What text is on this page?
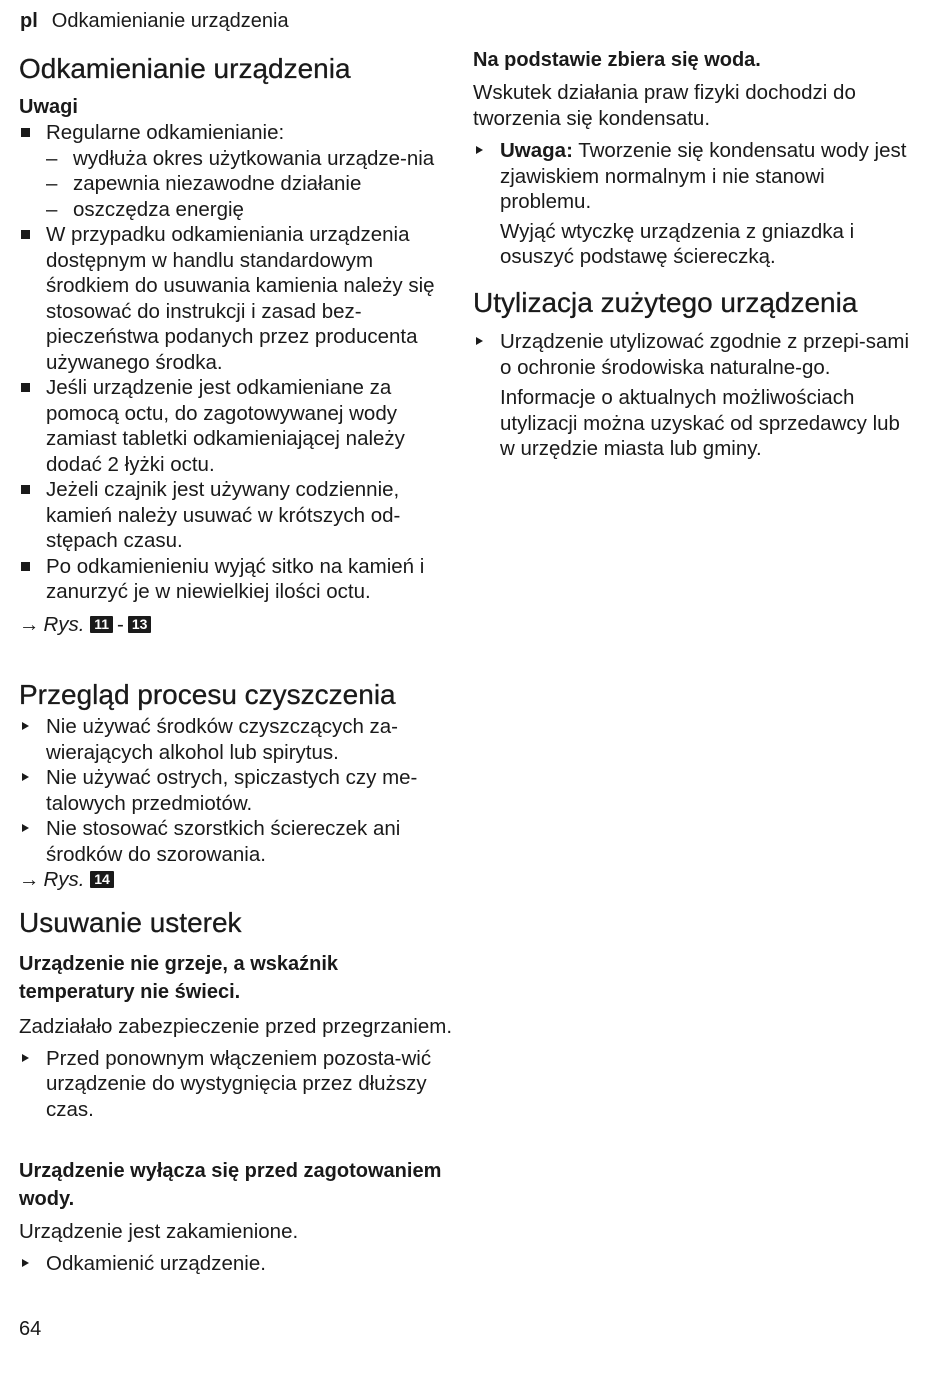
pl Odkamienianie urządzenia
Odkamienianie urządzenia

Uwagi

Regularne odkamienianie:
– wydłuża okres użytkowania urządze-nia
– zapewnia niezawodne działanie
– oszczędza energię
W przypadku odkamieniania urządzenia dostępnym w handlu standardowym środkiem do usuwania kamienia należy się stosować do instrukcji i zasad bez-pieczeństwa podanych przez producenta używanego środka.
Jeśli urządzenie jest odkamieniane za pomocą octu, do zagotowywanej wody zamiast tabletki odkamieniającej należy dodać 2 łyżki octu.
Jeżeli czajnik jest używany codziennie, kamień należy usuwać w krótszych od-stępach czasu.
Po odkamienieniu wyjąć sitko na kamień i zanurzyć je w niewielkiej ilości octu.
→ Rys. 11 - 13
Przegląd procesu czyszczenia
Nie używać środków czyszczących za-wierających alkohol lub spirytus.
Nie używać ostrych, spiczastych czy me-talowych przedmiotów.
Nie stosować szorstkich ściereczek ani środków do szorowania.
→ Rys. 14
Usuwanie usterek

Urządzenie nie grzeje, a wskaźnik temperatury nie świeci.

Zadziałało zabezpieczenie przed przegrzaniem.

Przed ponownym włączeniem pozosta-wić urządzenie do wystygnięcia przez dłuższy czas.

Urządzenie wyłącza się przed zagotowaniem wody.

Urządzenie jest zakamienione.

Odkamienić urządzenie.

Na podstawie zbiera się woda.

Wskutek działania praw fizyki dochodzi do tworzenia się kondensatu.

Uwaga: Tworzenie się kondensatu wody jest zjawiskiem normalnym i nie stanowi problemu.

Wyjąć wtyczkę urządzenia z gniazdka i osuszyć podstawę ściereczką.

Utylizacja zużytego urządzenia
Urządzenie utylizować zgodnie z przepi-sami o ochronie środowiska naturalne-go.

Informacje o aktualnych możliwościach utylizacji można uzyskać od sprzedawcy lub w urzędzie miasta lub gminy.

64
